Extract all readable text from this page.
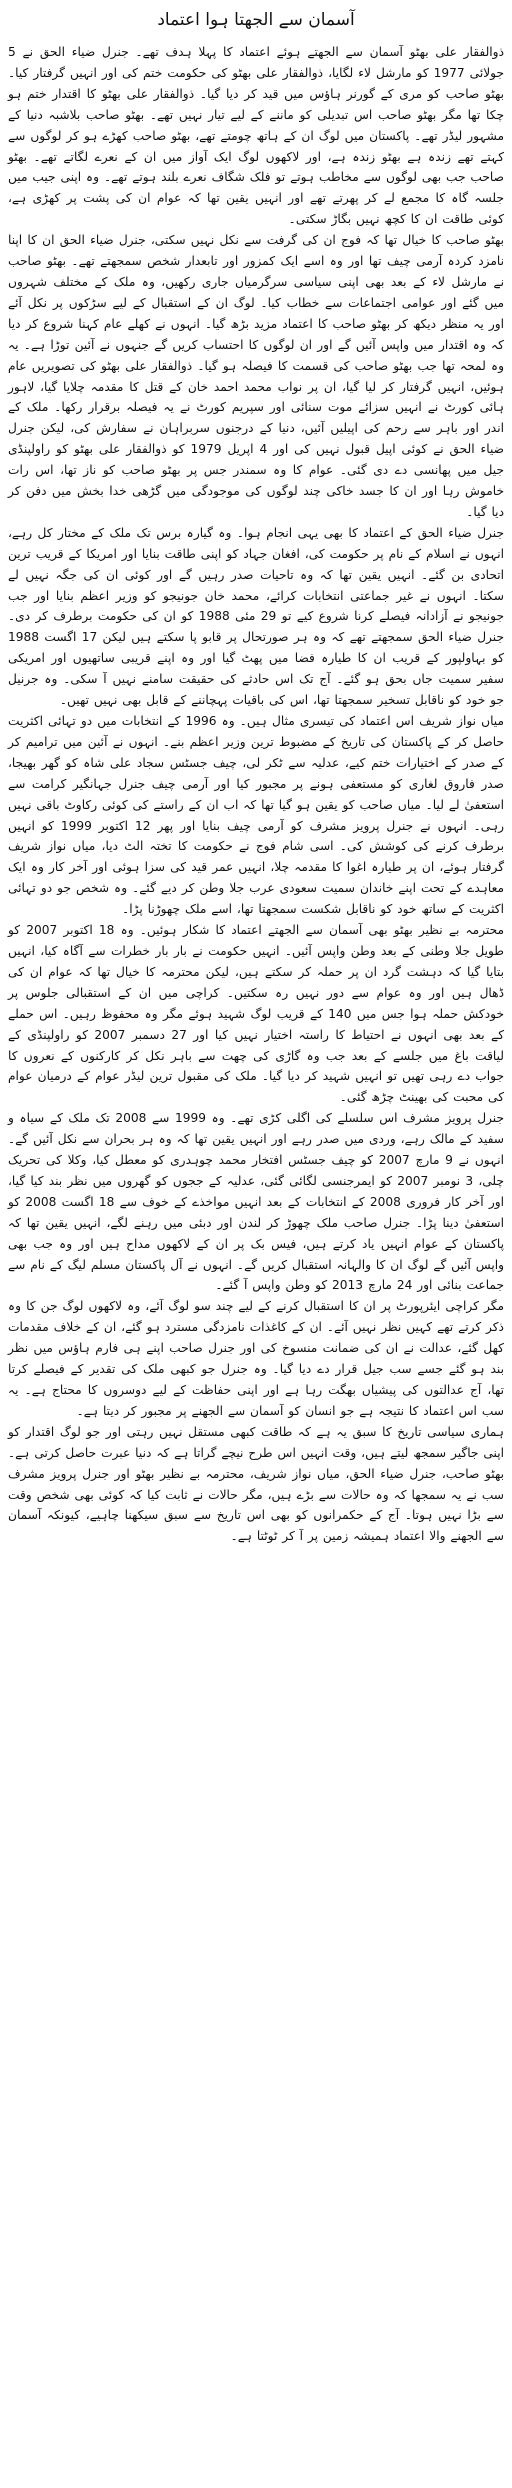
آسمان سے الجھتا ہوا اعتماد

ذوالفقار علی بھٹو آسمان سے الجھتے ہوئے اعتماد کا پہلا ہدف تھے۔ جنرل ضیاء الحق نے 5 جولائی 1977 کو مارشل لاء لگایا، ذوالفقار علی بھٹو کی حکومت ختم کی اور انہیں گرفتار کیا۔ بھٹو صاحب کو مری کے گورنر ہاؤس میں قید کر دیا گیا۔ ذوالفقار علی بھٹو کا اقتدار ختم ہو چکا تھا مگر بھٹو صاحب اس تبدیلی کو ماننے کے لیے تیار نہیں تھے۔ بھٹو صاحب بلاشبہ دنیا کے مشہور لیڈر تھے۔ پاکستان میں لوگ ان کے ہاتھ چومتے تھے، بھٹو صاحب کھڑے ہو کر لوگوں سے کہتے تھے زندہ ہے بھٹو زندہ ہے، اور لاکھوں لوگ ایک آواز میں ان کے نعرے لگاتے تھے۔ بھٹو صاحب جب بھی لوگوں سے مخاطب ہوتے تو فلک شگاف نعرے بلند ہوتے تھے۔ وہ اپنی جیب میں جلسہ گاہ کا مجمع لے کر پھرتے تھے اور انہیں یقین تھا کہ عوام ان کی پشت پر کھڑی ہے، کوئی طاقت ان کا کچھ نہیں بگاڑ سکتی۔

بھٹو صاحب کا خیال تھا کہ فوج ان کی گرفت سے نکل نہیں سکتی، جنرل ضیاء الحق ان کا اپنا نامزد کردہ آرمی چیف تھا اور وہ اسے ایک کمزور اور تابعدار شخص سمجھتے تھے۔ بھٹو صاحب نے مارشل لاء کے بعد بھی اپنی سیاسی سرگرمیاں جاری رکھیں، وہ ملک کے مختلف شہروں میں گئے اور عوامی اجتماعات سے خطاب کیا۔ لوگ ان کے استقبال کے لیے سڑکوں پر نکل آئے اور یہ منظر دیکھ کر بھٹو صاحب کا اعتماد مزید بڑھ گیا۔ انہوں نے کھلے عام کہنا شروع کر دیا کہ وہ اقتدار میں واپس آئیں گے اور ان لوگوں کا احتساب کریں گے جنہوں نے آئین توڑا ہے۔ یہ وہ لمحہ تھا جب بھٹو صاحب کی قسمت کا فیصلہ ہو گیا۔ ذوالفقار علی بھٹو کی تصویریں عام ہوئیں، انہیں گرفتار کر لیا گیا، ان پر نواب محمد احمد خان کے قتل کا مقدمہ چلایا گیا، لاہور ہائی کورٹ نے انہیں سزائے موت سنائی اور سپریم کورٹ نے یہ فیصلہ برقرار رکھا۔ ملک کے اندر اور باہر سے رحم کی اپیلیں آئیں، دنیا کے درجنوں سربراہان نے سفارش کی، لیکن جنرل ضیاء الحق نے کوئی اپیل قبول نہیں کی اور 4 اپریل 1979 کو ذوالفقار علی بھٹو کو راولپنڈی جیل میں پھانسی دے دی گئی۔ عوام کا وہ سمندر جس پر بھٹو صاحب کو ناز تھا، اس رات خاموش رہا اور ان کا جسد خاکی چند لوگوں کی موجودگی میں گڑھی خدا بخش میں دفن کر دیا گیا۔

جنرل ضیاء الحق کے اعتماد کا بھی یہی انجام ہوا۔ وہ گیارہ برس تک ملک کے مختار کل رہے، انہوں نے اسلام کے نام پر حکومت کی، افغان جہاد کو اپنی طاقت بنایا اور امریکا کے قریب ترین اتحادی بن گئے۔ انہیں یقین تھا کہ وہ تاحیات صدر رہیں گے اور کوئی ان کی جگہ نہیں لے سکتا۔ انہوں نے غیر جماعتی انتخابات کرائے، محمد خان جونیجو کو وزیر اعظم بنایا اور جب جونیجو نے آزادانہ فیصلے کرنا شروع کیے تو 29 مئی 1988 کو ان کی حکومت برطرف کر دی۔ جنرل ضیاء الحق سمجھتے تھے کہ وہ ہر صورتحال پر قابو پا سکتے ہیں لیکن 17 اگست 1988 کو بہاولپور کے قریب ان کا طیارہ فضا میں پھٹ گیا اور وہ اپنے قریبی ساتھیوں اور امریکی سفیر سمیت جاں بحق ہو گئے۔ آج تک اس حادثے کی حقیقت سامنے نہیں آ سکی۔ وہ جرنیل جو خود کو ناقابل تسخیر سمجھتا تھا، اس کی باقیات پہچاننے کے قابل بھی نہیں تھیں۔

میاں نواز شریف اس اعتماد کی تیسری مثال ہیں۔ وہ 1996 کے انتخابات میں دو تہائی اکثریت حاصل کر کے پاکستان کی تاریخ کے مضبوط ترین وزیر اعظم بنے۔ انہوں نے آئین میں ترامیم کر کے صدر کے اختیارات ختم کیے، عدلیہ سے ٹکر لی، چیف جسٹس سجاد علی شاہ کو گھر بھیجا، صدر فاروق لغاری کو مستعفی ہونے پر مجبور کیا اور آرمی چیف جنرل جہانگیر کرامت سے استعفیٰ لے لیا۔ میاں صاحب کو یقین ہو گیا تھا کہ اب ان کے راستے کی کوئی رکاوٹ باقی نہیں رہی۔ انہوں نے جنرل پرویز مشرف کو آرمی چیف بنایا اور پھر 12 اکتوبر 1999 کو انہیں برطرف کرنے کی کوشش کی۔ اسی شام فوج نے حکومت کا تختہ الٹ دیا، میاں نواز شریف گرفتار ہوئے، ان پر طیارہ اغوا کا مقدمہ چلا، انہیں عمر قید کی سزا ہوئی اور آخر کار وہ ایک معاہدے کے تحت اپنے خاندان سمیت سعودی عرب جلا وطن کر دیے گئے۔ وہ شخص جو دو تہائی اکثریت کے ساتھ خود کو ناقابل شکست سمجھتا تھا، اسے ملک چھوڑنا پڑا۔

محترمہ بے نظیر بھٹو بھی آسمان سے الجھتے اعتماد کا شکار ہوئیں۔ وہ 18 اکتوبر 2007 کو طویل جلا وطنی کے بعد وطن واپس آئیں۔ انہیں حکومت نے بار بار خطرات سے آگاہ کیا، انہیں بتایا گیا کہ دہشت گرد ان پر حملہ کر سکتے ہیں، لیکن محترمہ کا خیال تھا کہ عوام ان کی ڈھال ہیں اور وہ عوام سے دور نہیں رہ سکتیں۔ کراچی میں ان کے استقبالی جلوس پر خودکش حملہ ہوا جس میں 140 کے قریب لوگ شہید ہوئے مگر وہ محفوظ رہیں۔ اس حملے کے بعد بھی انہوں نے احتیاط کا راستہ اختیار نہیں کیا اور 27 دسمبر 2007 کو راولپنڈی کے لیاقت باغ میں جلسے کے بعد جب وہ گاڑی کی چھت سے باہر نکل کر کارکنوں کے نعروں کا جواب دے رہی تھیں تو انہیں شہید کر دیا گیا۔ ملک کی مقبول ترین لیڈر عوام کے درمیان عوام کی محبت کی بھینٹ چڑھ گئی۔

جنرل پرویز مشرف اس سلسلے کی اگلی کڑی تھے۔ وہ 1999 سے 2008 تک ملک کے سیاہ و سفید کے مالک رہے، وردی میں صدر رہے اور انہیں یقین تھا کہ وہ ہر بحران سے نکل آئیں گے۔ انہوں نے 9 مارچ 2007 کو چیف جسٹس افتخار محمد چوہدری کو معطل کیا، وکلا کی تحریک چلی، 3 نومبر 2007 کو ایمرجنسی لگائی گئی، عدلیہ کے ججوں کو گھروں میں نظر بند کیا گیا، اور آخر کار فروری 2008 کے انتخابات کے بعد انہیں مواخذے کے خوف سے 18 اگست 2008 کو استعفیٰ دینا پڑا۔ جنرل صاحب ملک چھوڑ کر لندن اور دبئی میں رہنے لگے، انہیں یقین تھا کہ پاکستان کے عوام انہیں یاد کرتے ہیں، فیس بک پر ان کے لاکھوں مداح ہیں اور وہ جب بھی واپس آئیں گے لوگ ان کا والہانہ استقبال کریں گے۔ انہوں نے آل پاکستان مسلم لیگ کے نام سے جماعت بنائی اور 24 مارچ 2013 کو وطن واپس آ گئے۔

مگر کراچی ایئرپورٹ پر ان کا استقبال کرنے کے لیے چند سو لوگ آئے، وہ لاکھوں لوگ جن کا وہ ذکر کرتے تھے کہیں نظر نہیں آئے۔ ان کے کاغذات نامزدگی مسترد ہو گئے، ان کے خلاف مقدمات کھل گئے، عدالت نے ان کی ضمانت منسوخ کی اور جنرل صاحب اپنے ہی فارم ہاؤس میں نظر بند ہو گئے جسے سب جیل قرار دے دیا گیا۔ وہ جنرل جو کبھی ملک کی تقدیر کے فیصلے کرتا تھا، آج عدالتوں کی پیشیاں بھگت رہا ہے اور اپنی حفاظت کے لیے دوسروں کا محتاج ہے۔ یہ سب اس اعتماد کا نتیجہ ہے جو انسان کو آسمان سے الجھنے پر مجبور کر دیتا ہے۔

ہماری سیاسی تاریخ کا سبق یہ ہے کہ طاقت کبھی مستقل نہیں رہتی اور جو لوگ اقتدار کو اپنی جاگیر سمجھ لیتے ہیں، وقت انہیں اس طرح نیچے گراتا ہے کہ دنیا عبرت حاصل کرتی ہے۔ بھٹو صاحب، جنرل ضیاء الحق، میاں نواز شریف، محترمہ بے نظیر بھٹو اور جنرل پرویز مشرف سب نے یہ سمجھا کہ وہ حالات سے بڑے ہیں، مگر حالات نے ثابت کیا کہ کوئی بھی شخص وقت سے بڑا نہیں ہوتا۔ آج کے حکمرانوں کو بھی اس تاریخ سے سبق سیکھنا چاہیے، کیونکہ آسمان سے الجھنے والا اعتماد ہمیشہ زمین پر آ کر ٹوٹتا ہے۔
